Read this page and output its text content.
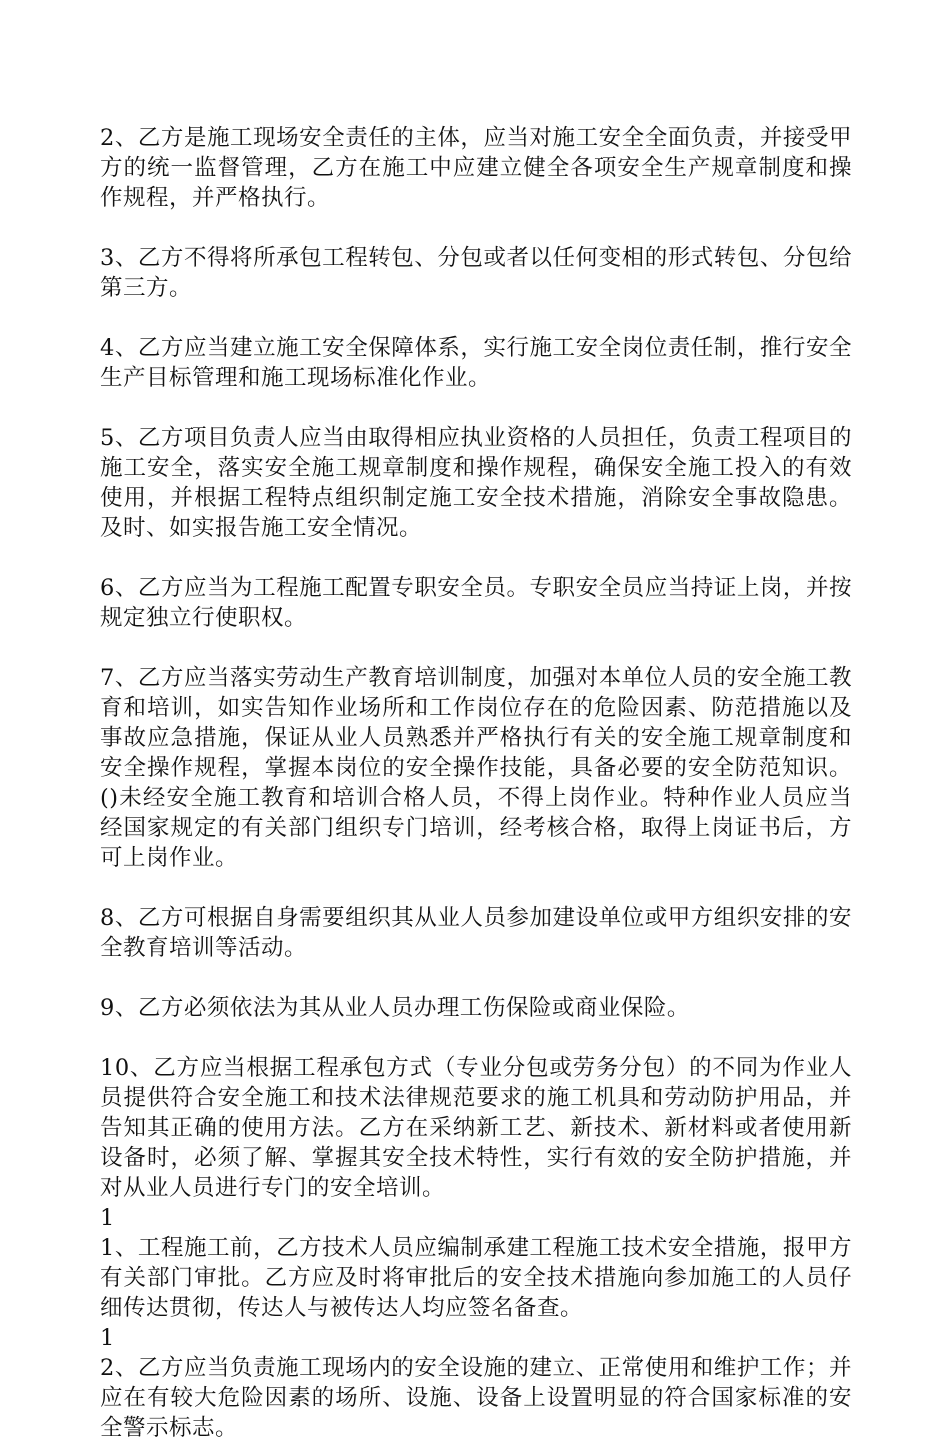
2、乙方是施工现场安全责任的主体，应当对施工安全全面负责，并接受甲方的统一监督管理，乙方在施工中应建立健全各项安全生产规章制度和操作规程，并严格执行。

3、乙方不得将所承包工程转包、分包或者以任何变相的形式转包、分包给第三方。

4、乙方应当建立施工安全保障体系，实行施工安全岗位责任制，推行安全生产目标管理和施工现场标准化作业。

5、乙方项目负责人应当由取得相应执业资格的人员担任，负责工程项目的施工安全，落实安全施工规章制度和操作规程，确保安全施工投入的有效使用，并根据工程特点组织制定施工安全技术措施，消除安全事故隐患。及时、如实报告施工安全情况。

6、乙方应当为工程施工配置专职安全员。专职安全员应当持证上岗，并按规定独立行使职权。

7、乙方应当落实劳动生产教育培训制度，加强对本单位人员的安全施工教育和培训，如实告知作业场所和工作岗位存在的危险因素、防范措施以及事故应急措施，保证从业人员熟悉并严格执行有关的安全施工规章制度和安全操作规程，掌握本岗位的安全操作技能，具备必要的安全防范知识。()未经安全施工教育和培训合格人员，不得上岗作业。特种作业人员应当经国家规定的有关部门组织专门培训，经考核合格，取得上岗证书后，方可上岗作业。

8、乙方可根据自身需要组织其从业人员参加建设单位或甲方组织安排的安全教育培训等活动。

9、乙方必须依法为其从业人员办理工伤保险或商业保险。

10、乙方应当根据工程承包方式（专业分包或劳务分包）的不同为作业人员提供符合安全施工和技术法律规范要求的施工机具和劳动防护用品，并告知其正确的使用方法。乙方在采纳新工艺、新技术、新材料或者使用新设备时，必须了解、掌握其安全技术特性，实行有效的安全防护措施，并对从业人员进行专门的安全培训。

1

1、工程施工前，乙方技术人员应编制承建工程施工技术安全措施，报甲方有关部门审批。乙方应及时将审批后的安全技术措施向参加施工的人员仔细传达贯彻，传达人与被传达人均应签名备查。

1

2、乙方应当负责施工现场内的安全设施的建立、正常使用和维护工作；并应在有较大危险因素的场所、设施、设备上设置明显的符合国家标准的安全警示标志。
